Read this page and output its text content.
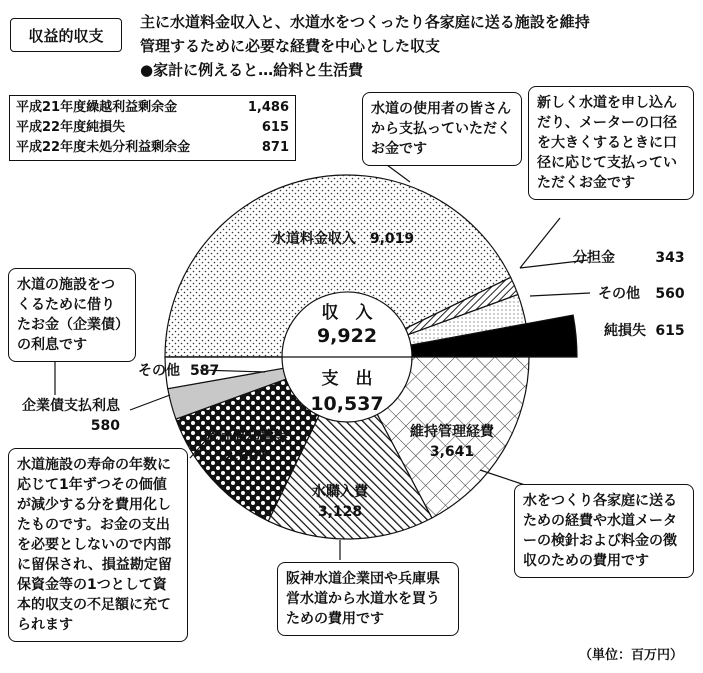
収　入
9,922
支　出
10,537
水道料金収入　9,019
分担金	343
その他 560
純損失 615
維持管理経費
3,641
水購入費
3,128
減価償却費等
2,601
企業債支払利息
580
その他 587
収益的収支
主に水道料金収入と、水道水をつくったり各家庭に送る施設を維持
管理するために必要な経費を中心とした収支
●家計に例えると…給料と生活費
平成21年度繰越利益剰余金	1,486
平成22年度純損失	615
平成22年度未処分利益剰余金	871
水道の使用者の皆さんから支払っていただくお金です
新しく水道を申し込んだり、メーターの口径を大きくするときに口径に応じて支払っていただくお金です
水道の施設をつくるために借りたお金（企業債）の利息です
水道施設の寿命の年数に応じて1年ずつその価値が減少する分を費用化したものです。お金の支出を必要としないので内部に留保され、損益勘定留保資金等の1つとして資本的収支の不足額に充てられます
阪神水道企業団や兵庫県営水道から水道水を買うための費用です
水をつくり各家庭に送るための経費や水道メーターの検針および料金の徴収のための費用です
（単位：百万円）
